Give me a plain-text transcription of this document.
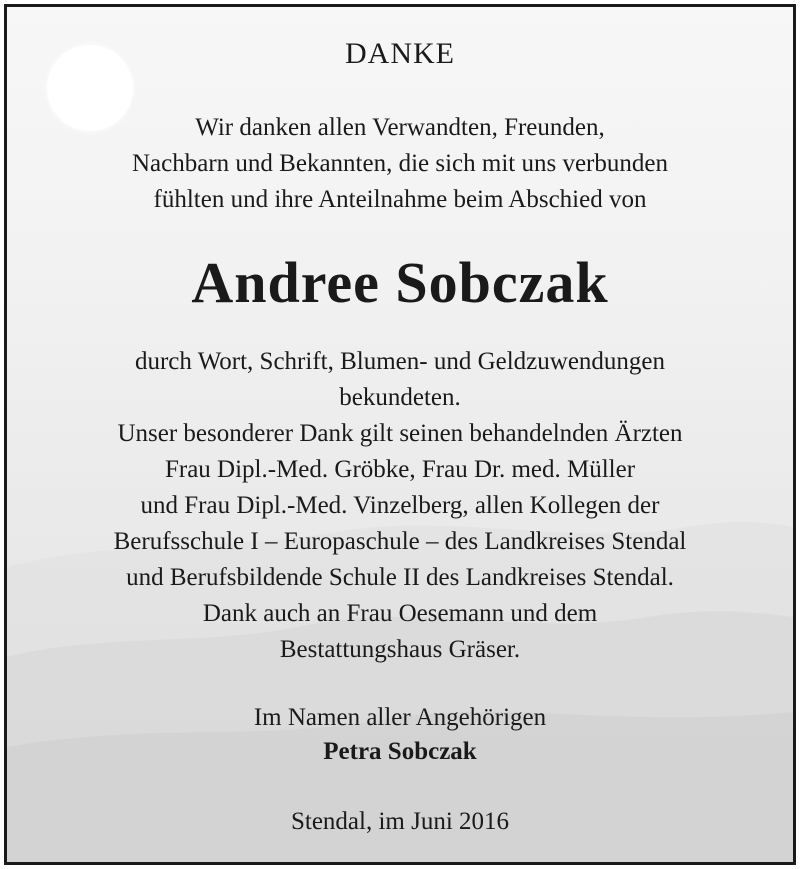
DANKE
Wir danken allen Verwandten, Freunden,
Nachbarn und Bekannten, die sich mit uns verbunden
fühlten und ihre Anteilnahme beim Abschied von
Andree Sobczak
durch Wort, Schrift, Blumen- und Geldzuwendungen
bekundeten.
Unser besonderer Dank gilt seinen behandelnden Ärzten
Frau Dipl.-Med. Gröbke, Frau Dr. med. Müller
und Frau Dipl.-Med. Vinzelberg, allen Kollegen der
Berufsschule I – Europaschule – des Landkreises Stendal
und Berufsbildende Schule II des Landkreises Stendal.
Dank auch an Frau Oesemann und dem
Bestattungshaus Gräser.
Im Namen aller Angehörigen
Petra Sobczak
Stendal, im Juni 2016
